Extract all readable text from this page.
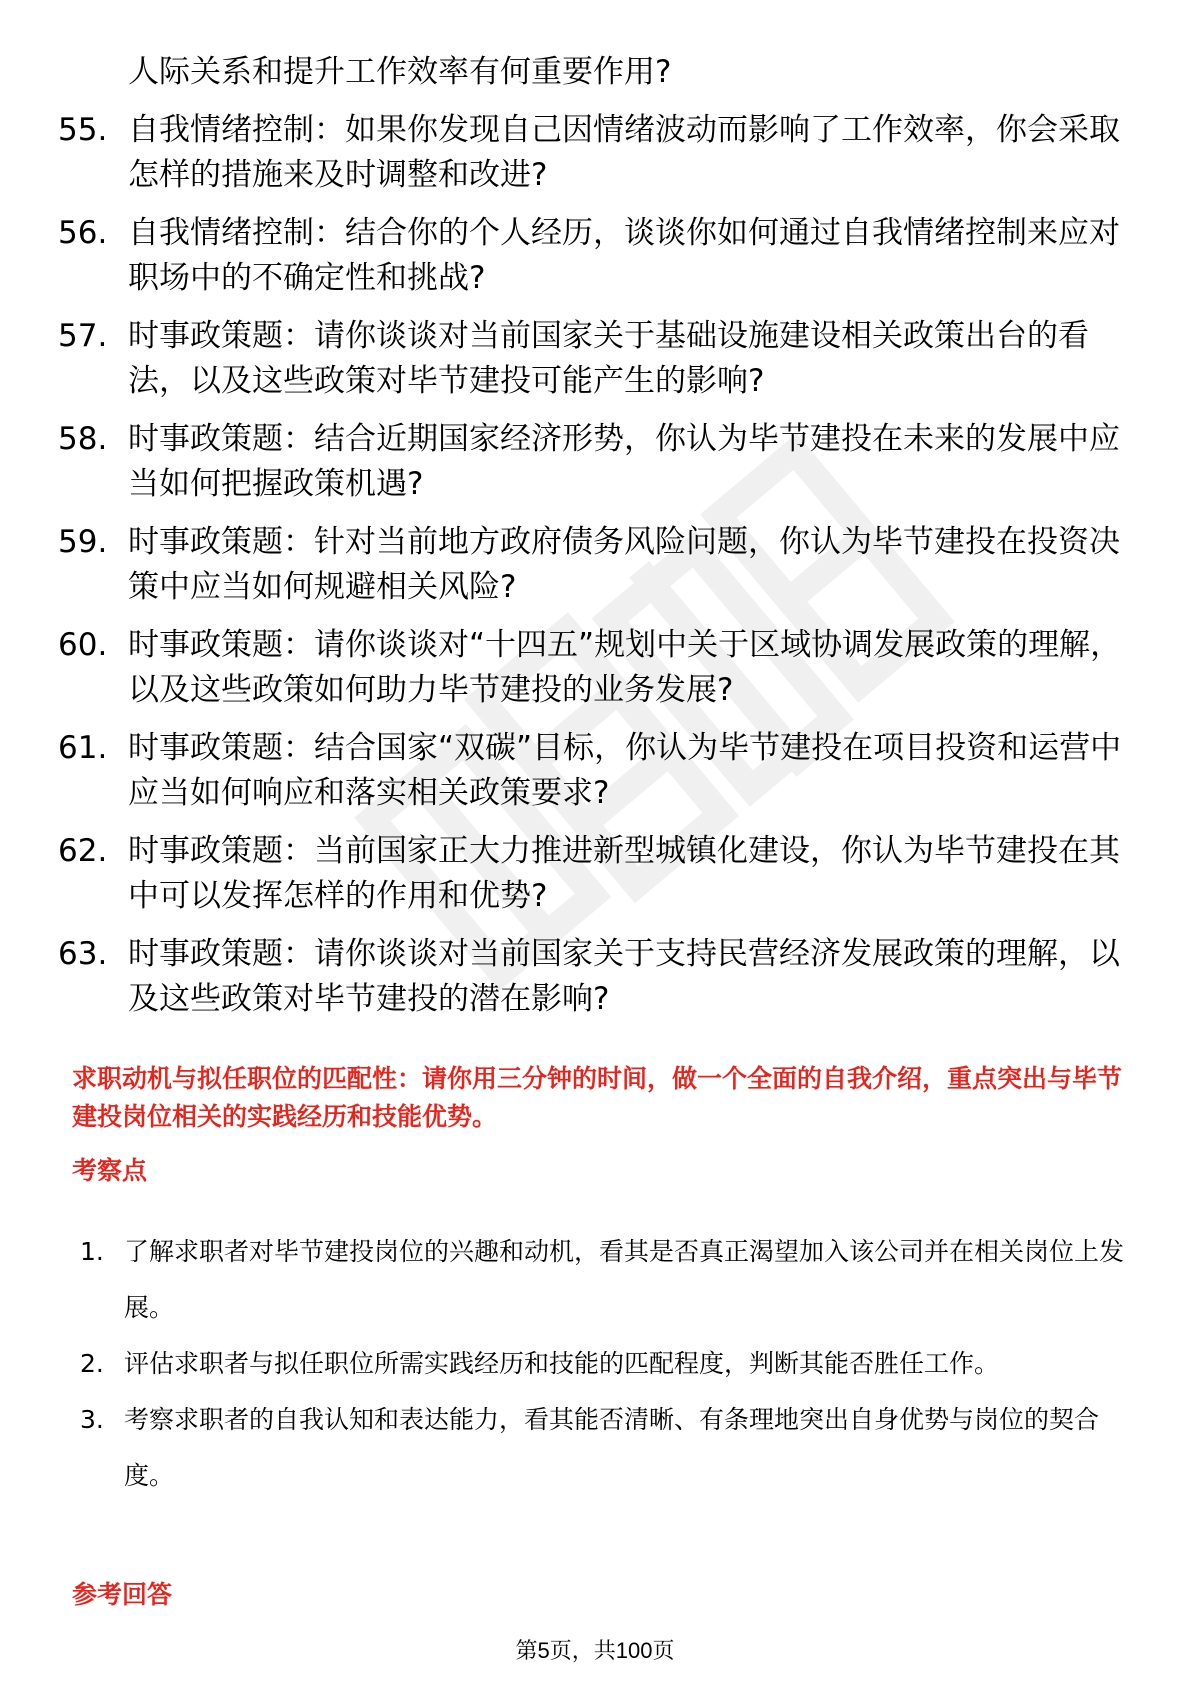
人际关系和提升工作效率有何重要作用?
55. 自我情绪控制：如果你发现自己因情绪波动而影响了工作效率，你会采取怎样的措施来及时调整和改进?
56. 自我情绪控制：结合你的个人经历，谈谈你如何通过自我情绪控制来应对职场中的不确定性和挑战?
57. 时事政策题：请你谈谈对当前国家关于基础设施建设相关政策出台的看法，以及这些政策对毕节建投可能产生的影响?
58. 时事政策题：结合近期国家经济形势，你认为毕节建投在未来的发展中应当如何把握政策机遇?
59. 时事政策题：针对当前地方政府债务风险问题，你认为毕节建投在投资决策中应当如何规避相关风险?
60. 时事政策题：请你谈谈对“十四五”规划中关于区域协调发展政策的理解，以及这些政策如何助力毕节建投的业务发展?
61. 时事政策题：结合国家“双碳”目标，你认为毕节建投在项目投资和运营中应当如何响应和落实相关政策要求?
62. 时事政策题：当前国家正大力推进新型城镇化建设，你认为毕节建投在其中可以发挥怎样的作用和优势?
63. 时事政策题：请你谈谈对当前国家关于支持民营经济发展政策的理解，以及这些政策对毕节建投的潜在影响?
求职动机与拟任职位的匹配性：请你用三分钟的时间，做一个全面的自我介绍，重点突出与毕节建投岗位相关的实践经历和技能优势。
考察点
1. 了解求职者对毕节建投岗位的兴趣和动机，看其是否真正渴望加入该公司并在相关岗位上发展。
2. 评估求职者与拟任职位所需实践经历和技能的匹配程度，判断其能否胜任工作。
3. 考察求职者的自我认知和表达能力，看其能否清晰、有条理地突出自身优势与岗位的契合度。
参考回答
第5页，共100页
